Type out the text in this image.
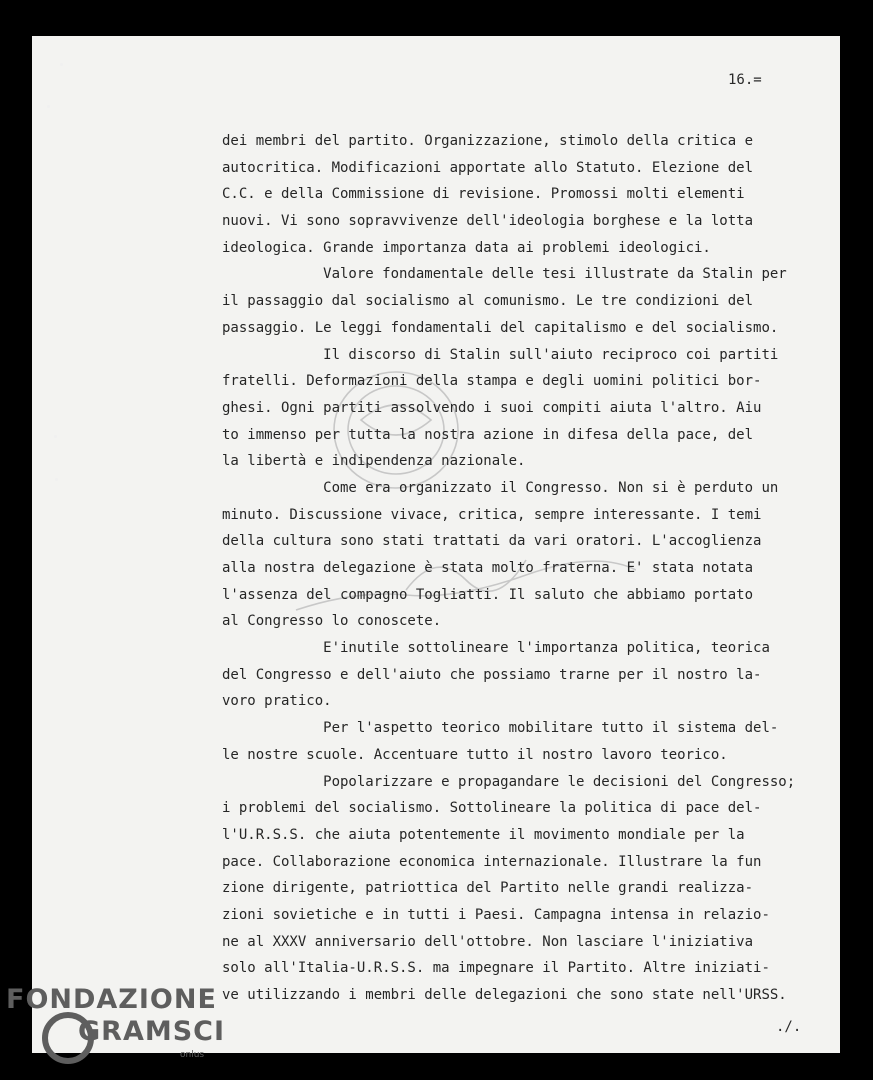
16.=

dei membri del partito. Organizzazione, stimolo della critica e
autocritica. Modificazioni apportate allo Statuto. Elezione del
C.C. e della Commissione di revisione. Promossi molti elementi
nuovi. Vi sono sopravvivenze dell'ideologia borghese e la lotta
ideologica. Grande importanza data ai problemi ideologici.
Valore fondamentale delle tesi illustrate da Stalin per
il passaggio dal socialismo al comunismo. Le tre condizioni del
passaggio. Le leggi fondamentali del capitalismo e del socialismo.
Il discorso di Stalin sull'aiuto reciproco coi partiti
fratelli. Deformazioni della stampa e degli uomini politici bor-
ghesi. Ogni partiti assolvendo i suoi compiti aiuta l'altro. Aiu
to immenso per tutta la nostra azione in difesa della pace, del
la libertà e indipendenza nazionale.
Come era organizzato il Congresso. Non si è perduto un
minuto. Discussione vivace, critica, sempre interessante. I temi
della cultura sono stati trattati da vari oratori. L'accoglienza
alla nostra delegazione è stata molto fraterna. E' stata notata
l'assenza del compagno Togliatti. Il saluto che abbiamo portato
al Congresso lo conoscete.
E'inutile sottolineare l'importanza politica, teorica
del Congresso e dell'aiuto che possiamo trarne per il nostro la-
voro pratico.
Per l'aspetto teorico mobilitare tutto il sistema del-
le nostre scuole. Accentuare tutto il nostro lavoro teorico.
Popolarizzare e propagandare le decisioni del Congresso;
i problemi del socialismo. Sottolineare la politica di pace del-
l'U.R.S.S. che aiuta potentemente il movimento mondiale per la
pace. Collaborazione economica internazionale. Illustrare la fun
zione dirigente, patriottica del Partito nelle grandi realizza-
zioni sovietiche e in tutti i Paesi. Campagna intensa in relazio-
ne al XXXV anniversario dell'ottobre. Non lasciare l'iniziativa
solo all'Italia-U.R.S.S. ma impegnare il Partito. Altre iniziati-
ve utilizzando i membri delle delegazioni che sono state nell'URSS.

./.

FONDAZIONE
GRAMSCI
onlus
